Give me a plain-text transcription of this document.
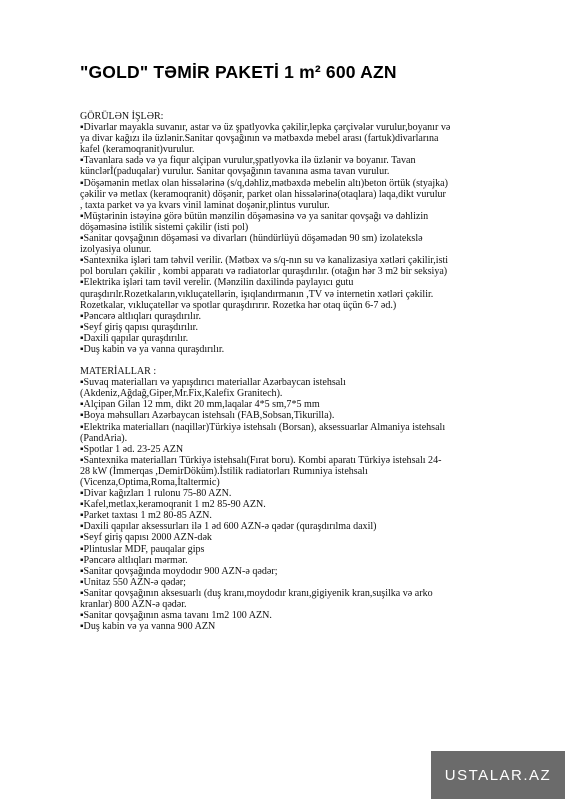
"GOLD" TƏMİR PAKETİ 1 m² 600 AZN

GÖRÜLƏN İŞLƏR:

▪Divarlar mayakla suvanır, astar və üz şpatlyovka çəkilir,lepka çərçivələr vurulur,boyanır və

ya divar kağızı ilə üzlənir.Sanitar qovşağının və mətbəxdə mebel arası (fartuk)divarlarına

kafel (keramoqranit)vurulur.

▪Tavanlara sadə və ya fiqur alçipan vurulur,şpatlyovka ilə üzlənir və boyanır. Tavan

künclərİ(paduqalar) vurulur. Sanitar qovşağının tavanına asma tavan vurulur.

▪Döşəmənin metlax olan hissələrinə (s/q,dəhliz,mətbəxdə mebelin altı)beton örtük (styajka)

çəkilir və metlax (keramoqranit) döşənir, parket olan hissələrinə(otaqlara) laqa,dikt vurulur

, taxta parket və ya kvars vinil laminat doşənir,plintus vurulur.

▪Müştərinin istəyinə görə bütün mənzilin döşəməsinə və ya sanitar qovşağı və dəhlizin

döşəməsinə istilik sistemi çəkilir (isti pol)

▪Sanitar qovşağının döşəməsi və divarları (hündürlüyü döşəmədən 90 sm) izolatekslə

izolyasiya olunur.

▪Santexnika işləri tam təhvil verilir. (Mətbəx və s/q-nın su və kanalizasiya xətləri çəkilir,isti

pol boruları çəkilir , kombi apparatı və radiatorlar quraşdırılır. (otağın hər 3 m2 bir seksiya)

▪Elektrika işləri tam təvil verelir. (Mənzilin daxilində paylayıcı gutu

quraşdırılr.Rozetkaların,vıkluçatellərin, işıqlandırmanın ,TV və internetin xətləri çəkilir.

Rozetkalar, vıkluçatellər və spotlar quraşdırırır. Rozetka hər otaq üçün 6-7 əd.)

▪Pəncərə altlıqları quraşdırılır.

▪Seyf giriş qapısı quraşdırılır.

▪Daxili qapılar quraşdırılır.

▪Duş kabin və ya vanna quraşdırılır.

MATERİALLAR :

▪Suvaq materialları və yapışdırıcı materiallar Azərbaycan istehsalı

(Akdeniz,Ağdağ,Giper,Mr.Fix,Kalefix Granitech).

▪Alçipan Gilan 12 mm, dikt 20 mm,laqalar 4*5 sm,7*5 mm

▪Boya məhsulları Azərbaycan istehsalı (FAB,Sobsan,Tikurilla).

▪Elektrika materialları (naqillər)Türkiyə istehsalı (Borsan), aksessuarlar Almaniya istehsalı

(PandAria).

▪Spotlar 1 əd. 23-25 AZN

▪Santexnika materialları Türkiyə istehsalı(Fırat boru). Kombi aparatı Türkiyə istehsalı 24-

28 kW (İmmerqas ,DemirDöküm).İstilik radiatorları Rumıniya istehsalı

(Vicenza,Optima,Roma,İtaltermic)

▪Divar kağızları 1 rulonu 75-80 AZN.

▪Kafel,metlax,keramoqranit 1 m2 85-90 AZN.

▪Parket taxtası 1 m2 80-85 AZN.

▪Daxili qapılar aksessurları ilə 1 əd 600 AZN-ə qədər (quraşdırılma daxil)

▪Seyf giriş qapısı 2000 AZN-dək

▪Plintuslar MDF, pauqalar gips

▪Pəncərə altlıqları mərmər.

▪Sanitar qovşağında moydodır 900 AZN-ə qədər;

▪Unitaz 550 AZN-ə qədər;

▪Sanitar qovşağının aksesuarlı (duş kranı,moydodır kranı,gigiyenik kran,suşilka və arko

kranlar) 800 AZN-ə qədər.

▪Sanitar qovşağının asma tavanı 1m2 100 AZN.

▪Duş kabin və ya vanna 900 AZN

USTALAR.AZ
